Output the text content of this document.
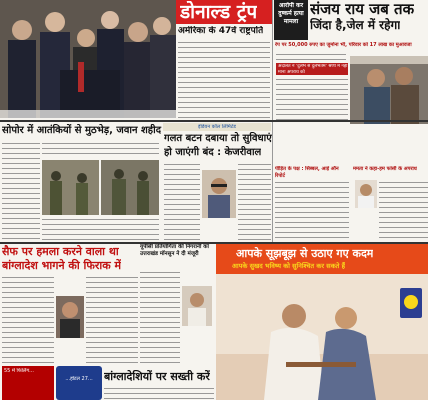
डोनाल्ड ट्रंप
अमेरिका के 47वें राष्ट्रपति
आरोपी कर दुष्कर्म हत्या मामला
संजय राय जब तक
जिंदा है,जेल में रहेगा
रेप पर 50,000 रुपए का जुर्माना भी, परिवार को 17 लाख का मुआवजा
अदालत ने 'दुर्लभ से दुर्लभतम' श्रेणी में नहीं माना अपराध को
सोपोर में आतंकियों से मुठभेड़, जवान शहीद	इंडियन कॉल लिमिटेड
गलत बटन दबाया तो सुविधाएं
हो जाएंगी बंद : केजरीवाल
पीड़ित के पक्ष : सिब्बल, आई ऑन रिपोर्ट
ममता ने कहा-हम फांसी के अपराध
सैफ पर हमला करने वाला था
बांग्लादेश भागने की फिराक में
यूपीसी प्रतियोगिता की निगरानी को उत्तराखंड मॉनसुन ने दी मंजूरी
55 में फिलिंग...
...होटल 27...	बांग्लादेशियों पर सख्ती करें
आपके सूझबूझ से उठाए गए कदम
आपके सुखद भविष्य को सुनिश्चित कर सकते हैं
